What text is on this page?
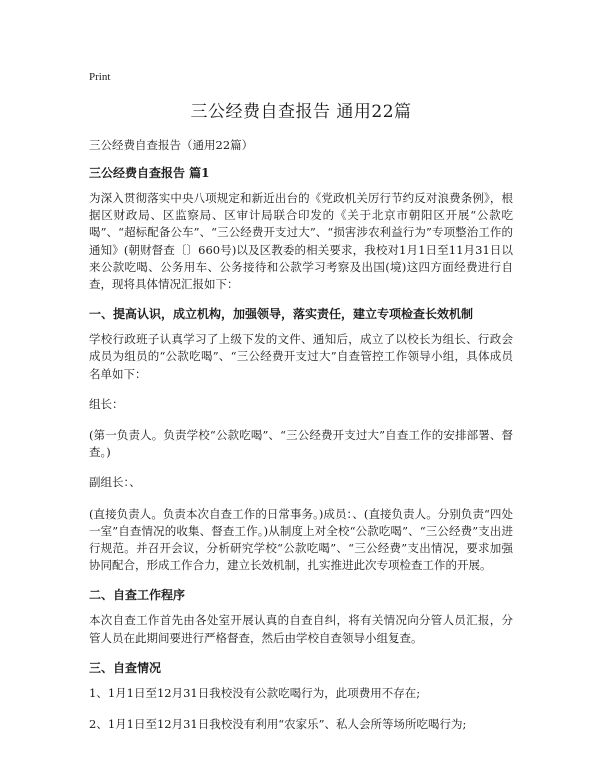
Print
三公经费自查报告 通用22篇
三公经费自查报告（通用22篇）
三公经费自查报告 篇1

为深入贯彻落实中央八项规定和新近出台的《党政机关厉行节约反对浪费条例》，根据区财政局、区监察局、区审计局联合印发的《关于北京市朝阳区开展“公款吃喝”、“超标配备公车”、“三公经费开支过大”、“损害涉农利益行为”专项整治工作的通知》(朝财督查〔〕660号)以及区教委的相关要求，我校对1月1日至11月31日以来公款吃喝、公务用车、公务接待和公款学习考察及出国(境)这四方面经费进行自查，现将具体情况汇报如下：

一、提高认识，成立机构，加强领导，落实责任，建立专项检查长效机制

学校行政班子认真学习了上级下发的文件、通知后，成立了以校长为组长、行政会成员为组员的“公款吃喝”、“三公经费开支过大”自查管控工作领导小组，具体成员名单如下：

组长：

(第一负责人。负责学校“公款吃喝”、“三公经费开支过大”自查工作的安排部署、督查。)

副组长：、

(直接负责人。负责本次自查工作的日常事务。)成员：、(直接负责人。分别负责“四处一室”自查情况的收集、督查工作。)从制度上对全校“公款吃喝”、“三公经费”支出进行规范。并召开会议，分析研究学校“公款吃喝”、“三公经费”支出情况，要求加强协同配合，形成工作合力，建立长效机制，扎实推进此次专项检查工作的开展。

二、自查工作程序

本次自查工作首先由各处室开展认真的自查自纠，将有关情况向分管人员汇报，分管人员在此期间要进行严格督查，然后由学校自查领导小组复查。

三、自查情况

1、1月1日至12月31日我校没有公款吃喝行为，此项费用不存在;

2、1月1日至12月31日我校没有利用“农家乐”、私人会所等场所吃喝行为;
